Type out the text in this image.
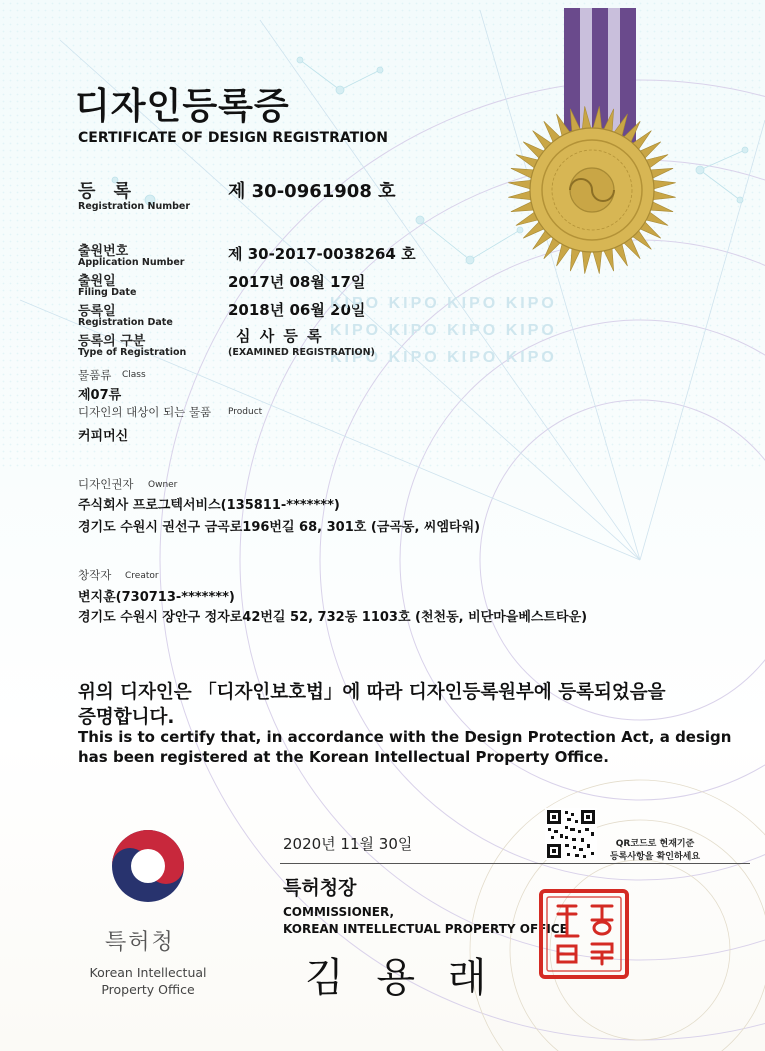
디자인등록증
CERTIFICATE OF DESIGN REGISTRATION
등 록
Registration Number
제 30-0961908 호
출원번호
Application Number	제 30-2017-0038264 호
출원일
Filing Date
2017년 08월 17일
등록일
Registration Date
2018년 06월 20일
KIPO KIPO KIPO KIPO
KIPO KIPO KIPO KIPO
KIPO KIPO KIPO KIPO
등록의 구분
Type of Registration
심 사 등 록
(EXAMINED REGISTRATION)
물품류 Class
제07류
디자인의 대상이 되는 물품 Product
커피머신
디자인권자 Owner
주식회사 프로그텍서비스(135811-*******)
경기도 수원시 권선구 금곡로196번길 68, 301호 (금곡동, 씨엠타워)
창작자 Creator
변지훈(730713-*******)
경기도 수원시 장안구 정자로42번길 52, 732동 1103호 (천천동, 비단마을베스트타운)
위의 디자인은 「디자인보호법」에 따라 디자인등록원부에 등록되었음을
증명합니다.
This is to certify that, in accordance with the Design Protection Act, a design
has been registered at the Korean Intellectual Property Office.
특허청
Korean Intellectual
Property Office
2020년 11월 30일	QR코드로 현재기준
등록사항을 확인하세요
특허청장
COMMISSIONER,
KOREAN INTELLECTUAL PROPERTY OFFICE
김 용 래
